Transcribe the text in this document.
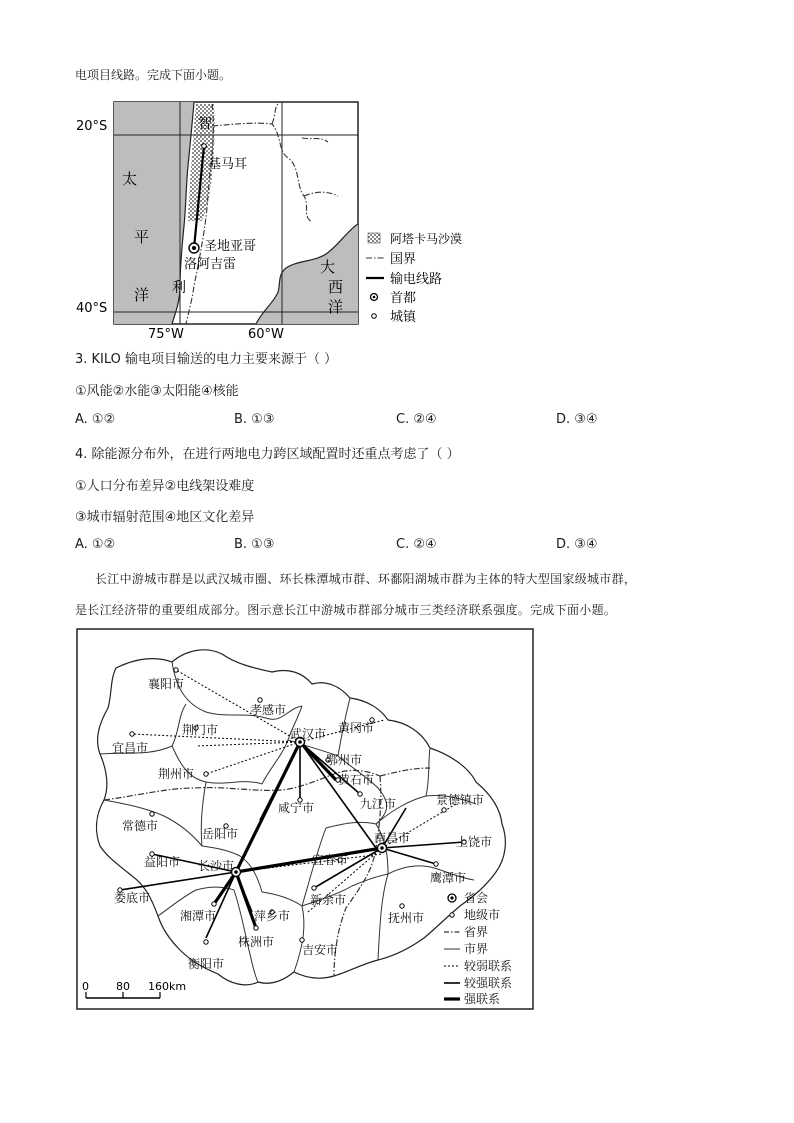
电项目线路。完成下面小题。
20°S
40°S
75°W	60°W
太
平
洋
大
西
洋
智
利
基马耳
圣地亚哥
洛阿吉雷
阿塔卡马沙漠
国界
输电线路
首都
城镇
3. KILO 输电项目输送的电力主要来源于（ ）
①风能②水能③太阳能④核能
A. ①②	B. ①③	C. ②④	D. ③④
4. 除能源分布外，在进行两地电力跨区域配置时还重点考虑了（ ）
①人口分布差异②电线架设难度
③城市辐射范围④地区文化差异
A. ①②	B. ①③	C. ②④	D. ③④
长江中游城市群是以武汉城市圈、环长株潭城市群、环鄱阳湖城市群为主体的特大型国家级城市群，
是长江经济带的重要组成部分。图示意长江中游城市群部分城市三类经济联系强度。完成下面小题。
襄阳市
孝感市
荆门市	武汉市 黄冈市
宜昌市
鄂州市
荆州市	黄石市
咸宁市	九江市	景德镇市
常德市
岳阳市	南昌市	上饶市
益阳市 长沙市	宜春市
鹰潭市
娄底市
湘潭市	萍乡市
新余市
抚州市
株洲市
衡阳市
吉安市
省会
地级市
省界
市界
较弱联系
较强联系
强联系
0 80 160km
